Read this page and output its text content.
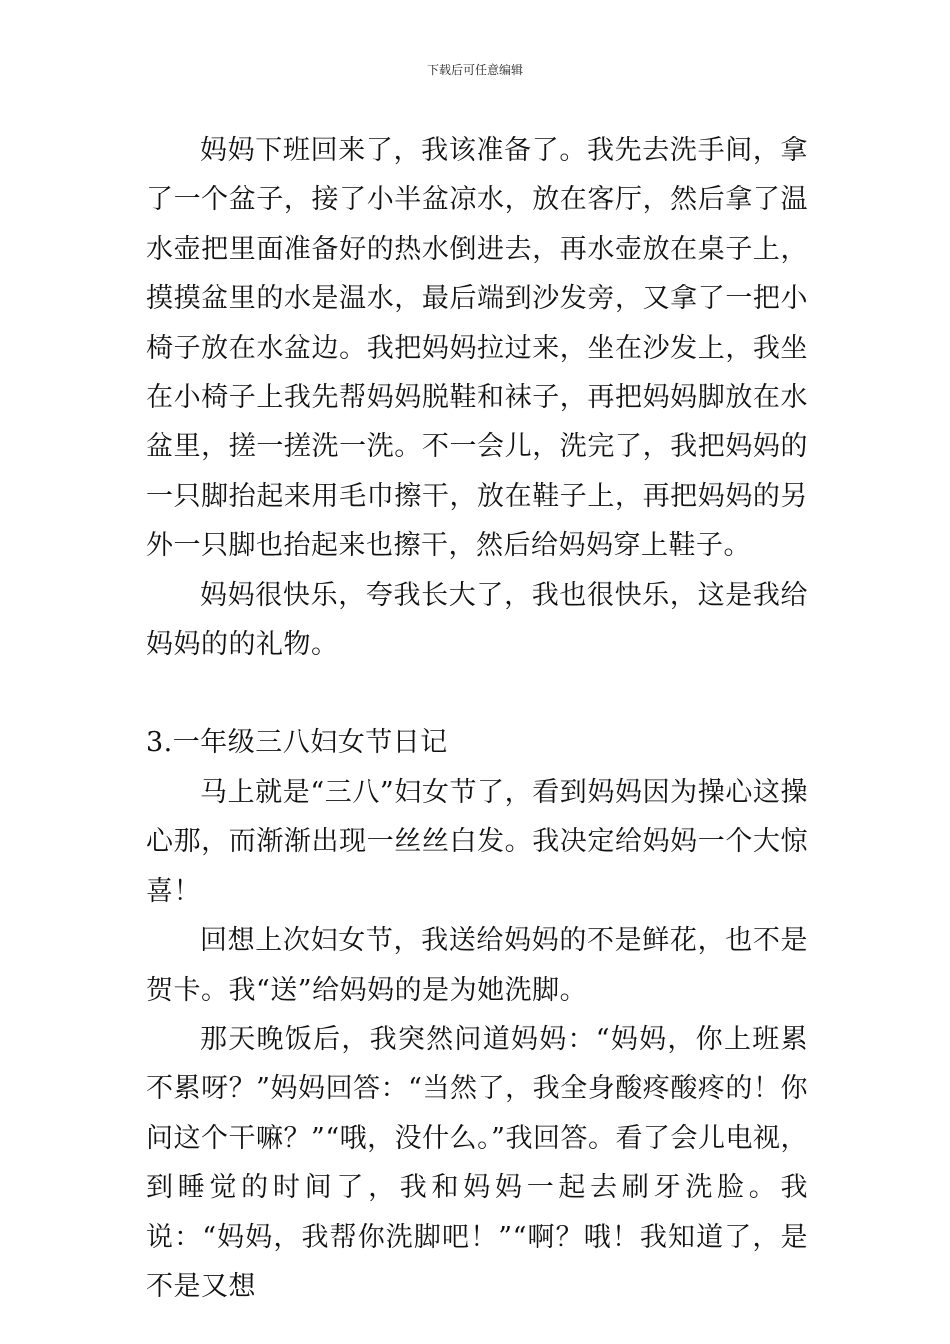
下载后可任意编辑

妈妈下班回来了，我该准备了。我先去洗手间，拿了一个盆子，接了小半盆凉水，放在客厅，然后拿了温水壶把里面准备好的热水倒进去，再水壶放在桌子上，摸摸盆里的水是温水，最后端到沙发旁，又拿了一把小椅子放在水盆边。我把妈妈拉过来，坐在沙发上，我坐在小椅子上我先帮妈妈脱鞋和袜子，再把妈妈脚放在水盆里，搓一搓洗一洗。不一会儿，洗完了，我把妈妈的一只脚抬起来用毛巾擦干，放在鞋子上，再把妈妈的另外一只脚也抬起来也擦干，然后给妈妈穿上鞋子。

妈妈很快乐，夸我长大了，我也很快乐，这是我给妈妈的的礼物。

3.一年级三八妇女节日记

马上就是“三八”妇女节了，看到妈妈因为操心这操心那，而渐渐出现一丝丝白发。我决定给妈妈一个大惊喜！

回想上次妇女节，我送给妈妈的不是鲜花，也不是贺卡。我“送”给妈妈的是为她洗脚。

那天晚饭后，我突然问道妈妈：“妈妈，你上班累不累呀？”妈妈回答：“当然了，我全身酸疼酸疼的！你问这个干嘛？”“哦，没什么。”我回答。看了会儿电视，到睡觉的时间了，我和妈妈一起去刷牙洗脸。我说：“妈妈，我帮你洗脚吧！”“啊？哦！我知道了，是不是又想
